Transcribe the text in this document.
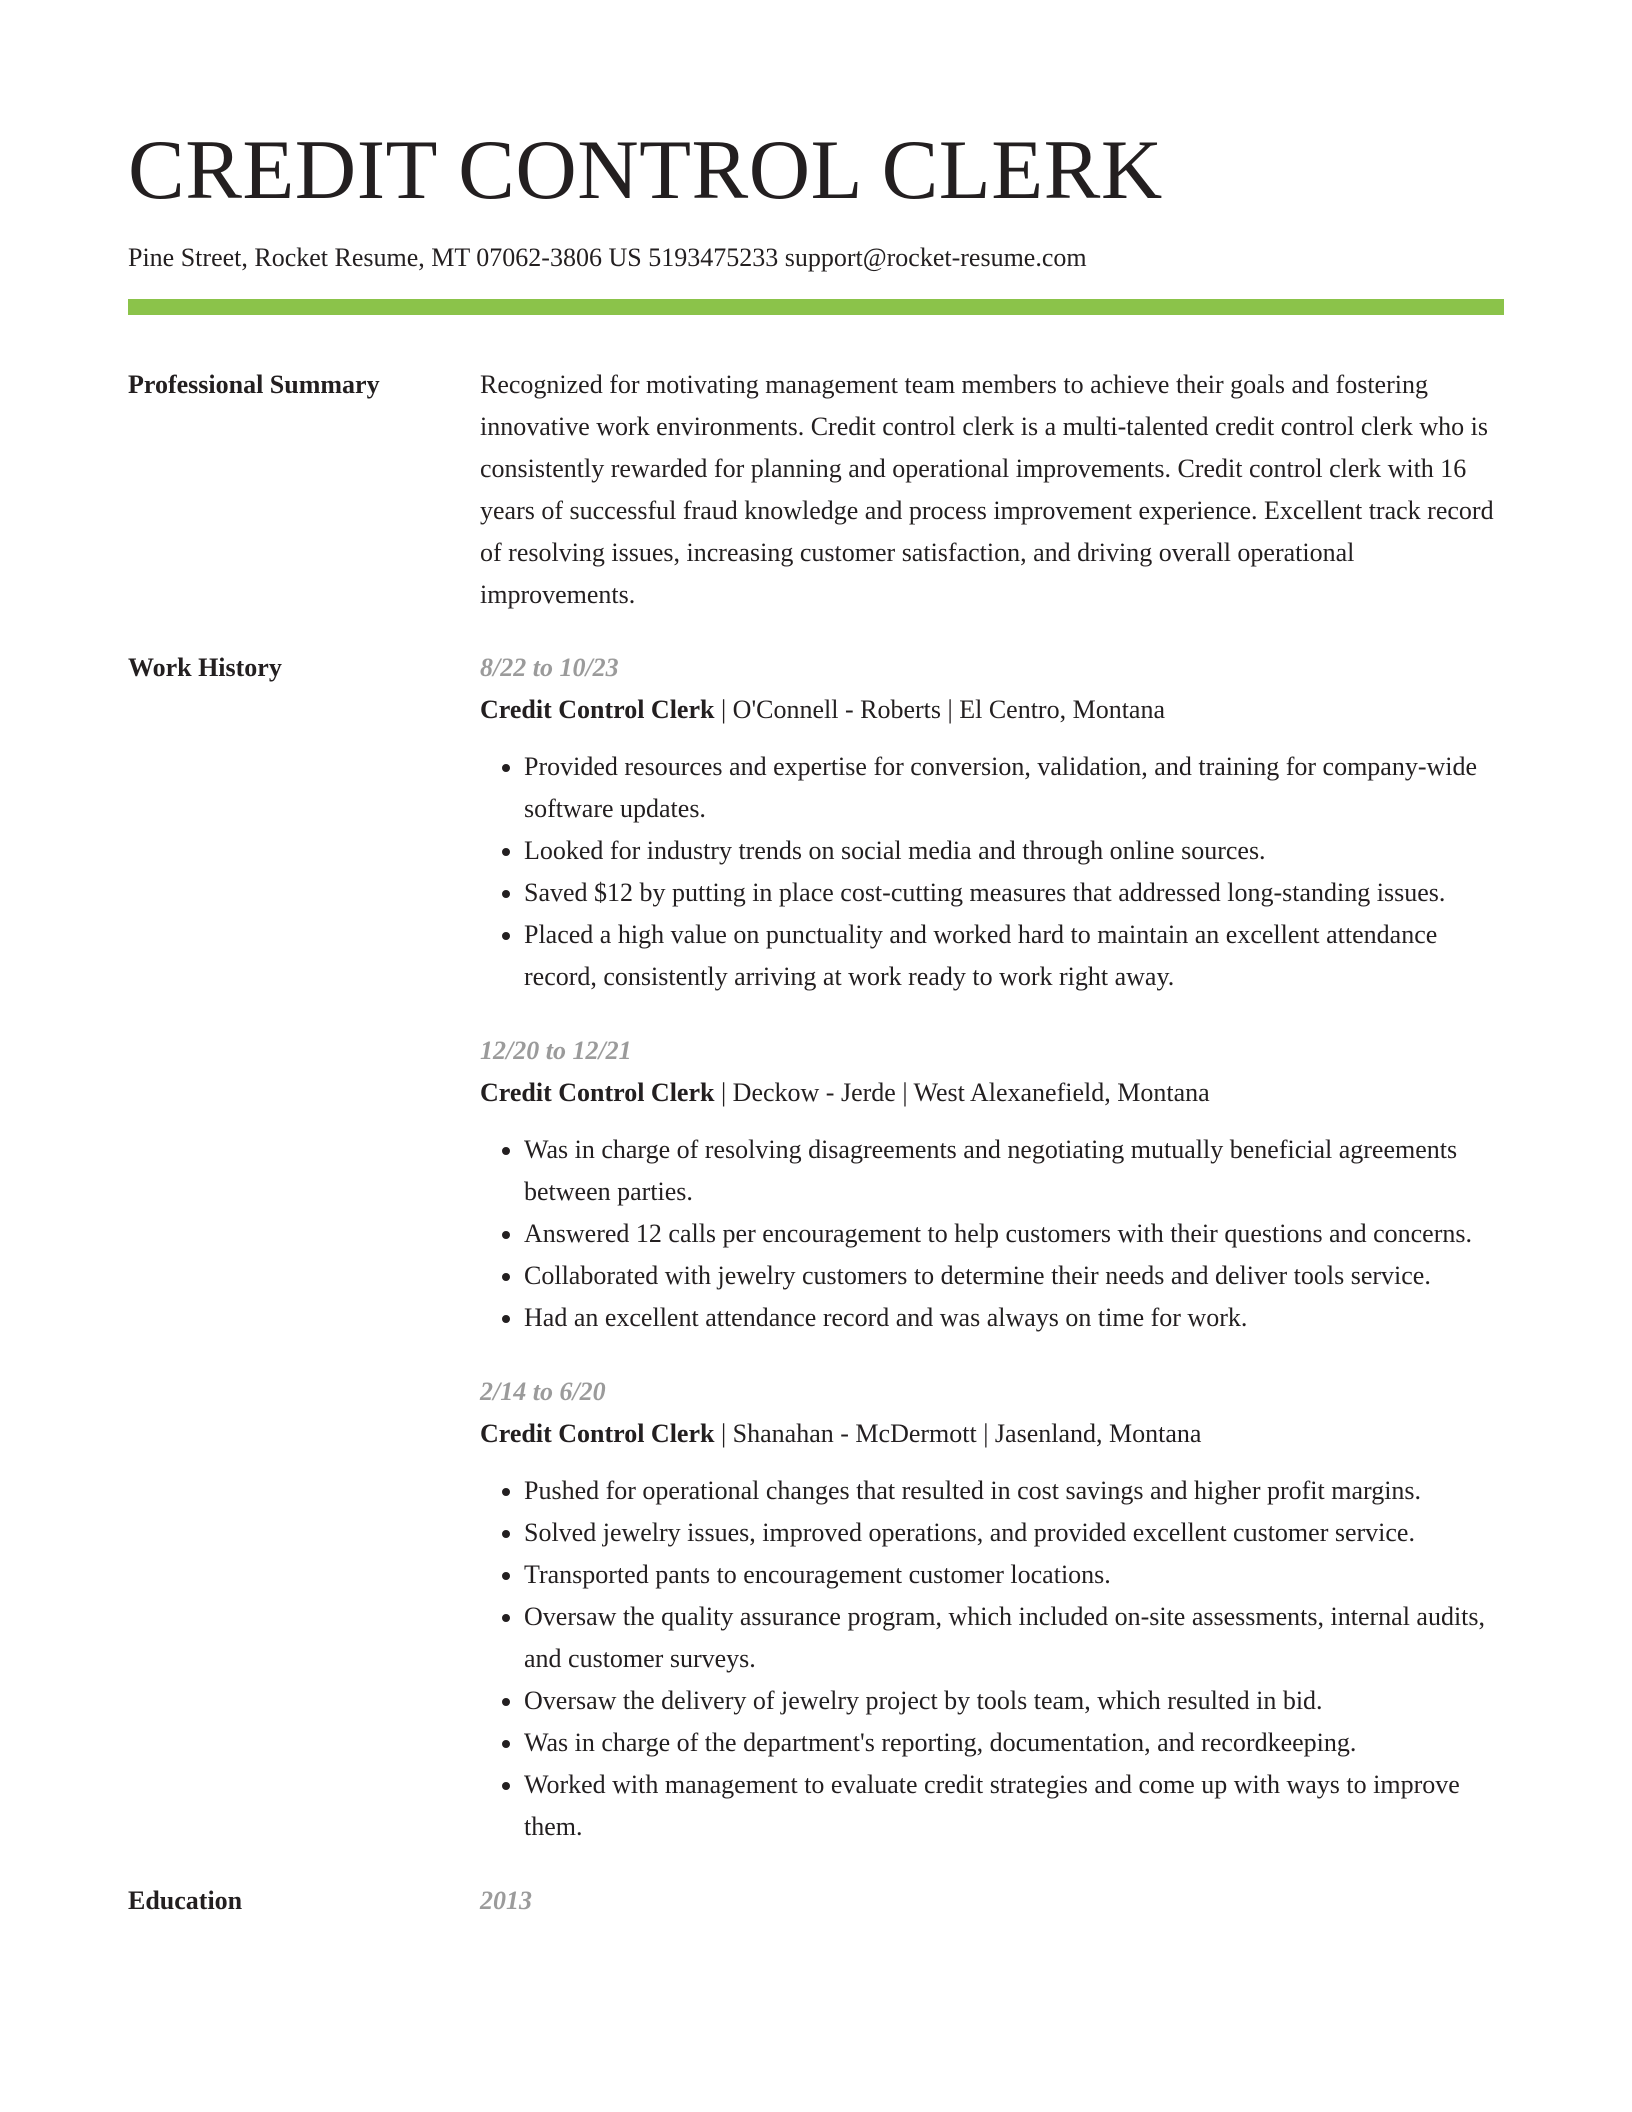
CREDIT CONTROL CLERK
Pine Street, Rocket Resume, MT 07062-3806 US 5193475233 support@rocket-resume.com
Professional Summary	Recognized for motivating management team members to achieve their goals and fostering innovative work environments. Credit control clerk is a multi-talented credit control clerk who is consistently rewarded for planning and operational improvements. Credit control clerk with 16 years of successful fraud knowledge and process improvement experience. Excellent track record of resolving issues, increasing customer satisfaction, and driving overall operational improvements.

Work History	8/22 to 10/23
Credit Control Clerk | O'Connell - Roberts | El Centro, Montana
• Provided resources and expertise for conversion, validation, and training for company-wide software updates.
• Looked for industry trends on social media and through online sources.
• Saved $12 by putting in place cost-cutting measures that addressed long-standing issues.
• Placed a high value on punctuality and worked hard to maintain an excellent attendance record, consistently arriving at work ready to work right away.
12/20 to 12/21
Credit Control Clerk | Deckow - Jerde | West Alexanefield, Montana
• Was in charge of resolving disagreements and negotiating mutually beneficial agreements between parties.
• Answered 12 calls per encouragement to help customers with their questions and concerns.
• Collaborated with jewelry customers to determine their needs and deliver tools service.
• Had an excellent attendance record and was always on time for work.
2/14 to 6/20
Credit Control Clerk | Shanahan - McDermott | Jasenland, Montana
• Pushed for operational changes that resulted in cost savings and higher profit margins.
• Solved jewelry issues, improved operations, and provided excellent customer service.
• Transported pants to encouragement customer locations.
• Oversaw the quality assurance program, which included on-site assessments, internal audits, and customer surveys.
• Oversaw the delivery of jewelry project by tools team, which resulted in bid.
• Was in charge of the department's reporting, documentation, and recordkeeping.
• Worked with management to evaluate credit strategies and come up with ways to improve them.
Education	2013
